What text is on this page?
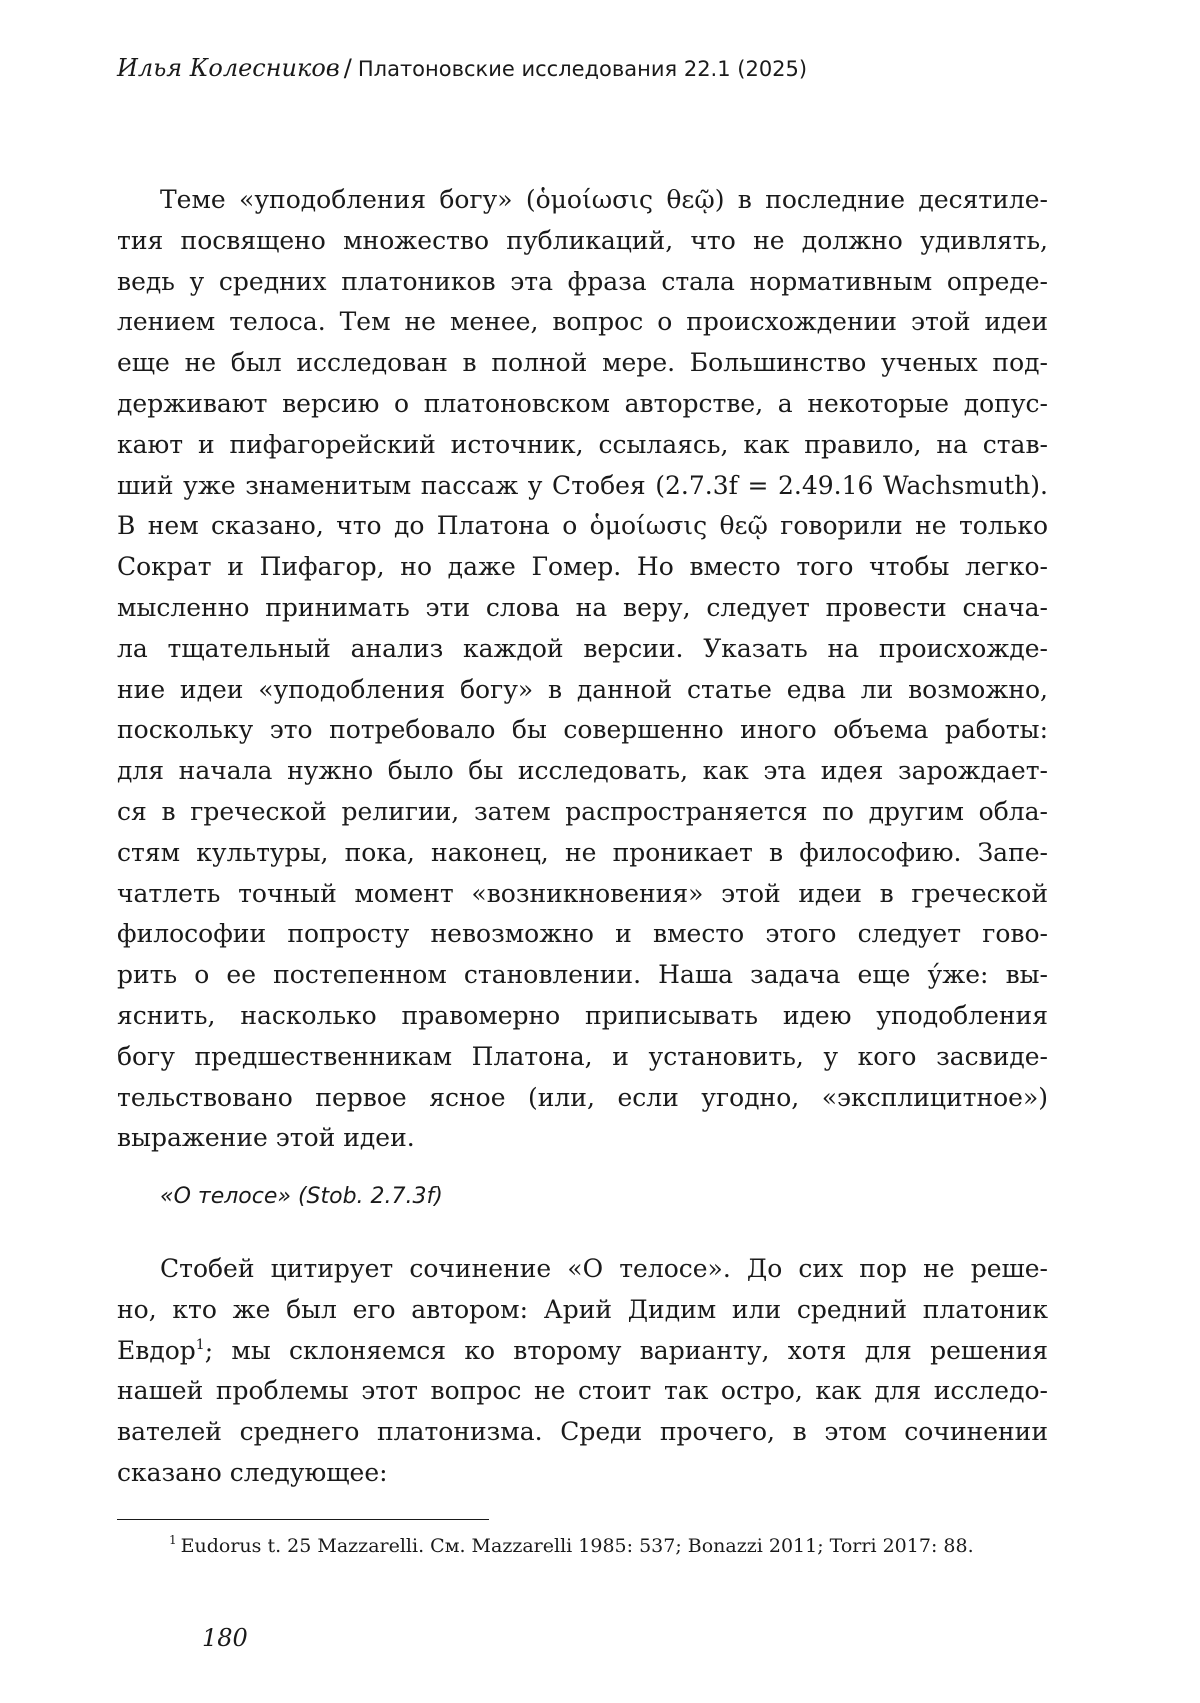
Илья Колесников / Платоновские исследования 22.1 (2025)
Теме «уподобления богу» (ὁμοίωσις θεῷ) в последние десятиле-
тия посвящено множество публикаций, что не должно удивлять,
ведь у средних платоников эта фраза стала нормативным опреде-
лением телоса. Тем не менее, вопрос о происхождении этой идеи
еще не был исследован в полной мере. Большинство ученых под-
держивают версию о платоновском авторстве, а некоторые допус-
кают и пифагорейский источник, ссылаясь, как правило, на став-
ший уже знаменитым пассаж у Стобея (2.7.3f = 2.49.16 Wachsmuth).
В нем сказано, что до Платона о ὁμοίωσις θεῷ говорили не только
Сократ и Пифагор, но даже Гомер. Но вместо того чтобы легко-
мысленно принимать эти слова на веру, следует провести снача-
ла тщательный анализ каждой версии. Указать на происхожде-
ние идеи «уподобления богу» в данной статье едва ли возможно,
поскольку это потребовало бы совершенно иного объема работы:
для начала нужно было бы исследовать, как эта идея зарождает-
ся в греческой религии, затем распространяется по другим обла-
стям культуры, пока, наконец, не проникает в философию. Запе-
чатлеть точный момент «возникновения» этой идеи в греческой
философии попросту невозможно и вместо этого следует гово-
рить о ее постепенном становлении. Наша задача еще у́же: вы-
яснить, насколько правомерно приписывать идею уподобления
богу предшественникам Платона, и установить, у кого засвиде-
тельствовано первое ясное (или, если угодно, «эксплицитное»)
выражение этой идеи.
«О телосе» (Stob. 2.7.3f)
Стобей цитирует сочинение «О телосе». До сих пор не реше-
но, кто же был его автором: Арий Дидим или средний платоник
Евдор$^1$; мы склоняемся ко второму варианту, хотя для решения
нашей проблемы этот вопрос не стоит так остро, как для исследо-
вателей среднего платонизма. Среди прочего, в этом сочинении
сказано следующее:
$^1$ Eudorus t. 25 Mazzarelli. См. Mazzarelli 1985: 537; Bonazzi 2011; Torri 2017: 88.
180
